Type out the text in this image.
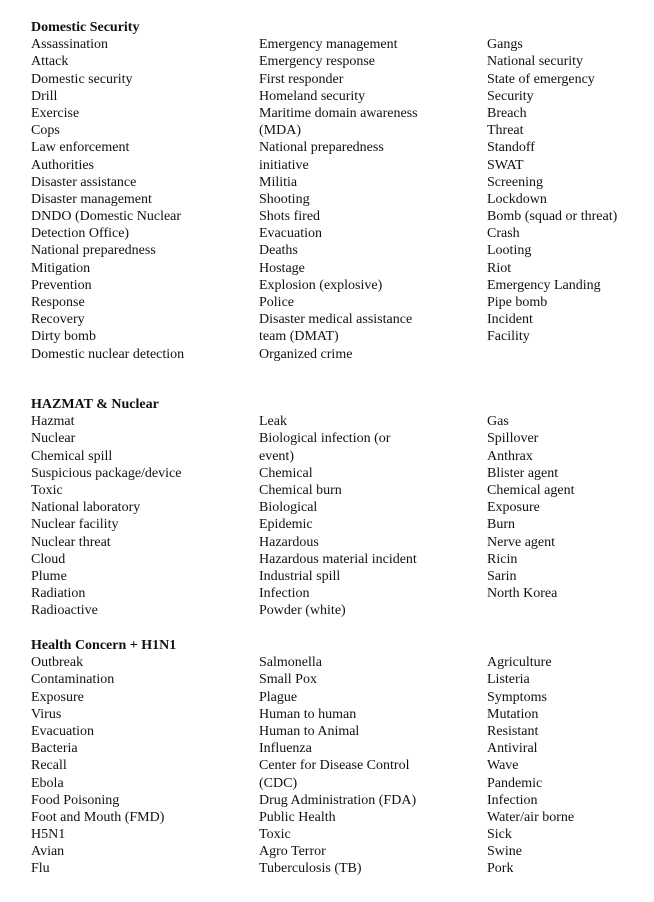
Domestic Security
Assassination
Attack
Domestic security
Drill
Exercise
Cops
Law enforcement
Authorities
Disaster assistance
Disaster management
DNDO (Domestic Nuclear
Detection Office)
National preparedness
Mitigation
Prevention
Response
Recovery
Dirty bomb
Domestic nuclear detection
Emergency management
Emergency response
First responder
Homeland security
Maritime domain awareness
(MDA)
National preparedness
initiative
Militia
Shooting
Shots fired
Evacuation
Deaths
Hostage
Explosion (explosive)
Police
Disaster medical assistance
team (DMAT)
Organized crime
Gangs
National security
State of emergency
Security
Breach
Threat
Standoff
SWAT
Screening
Lockdown
Bomb (squad or threat)
Crash
Looting
Riot
Emergency Landing
Pipe bomb
Incident
Facility
HAZMAT & Nuclear
Hazmat
Nuclear
Chemical spill
Suspicious package/device
Toxic
National laboratory
Nuclear facility
Nuclear threat
Cloud
Plume
Radiation
Radioactive
Leak
Biological infection (or
event)
Chemical
Chemical burn
Biological
Epidemic
Hazardous
Hazardous material incident
Industrial spill
Infection
Powder (white)
Gas
Spillover
Anthrax
Blister agent
Chemical agent
Exposure
Burn
Nerve agent
Ricin
Sarin
North Korea
Health Concern + H1N1
Outbreak
Contamination
Exposure
Virus
Evacuation
Bacteria
Recall
Ebola
Food Poisoning
Foot and Mouth (FMD)
H5N1
Avian
Flu
Salmonella
Small Pox
Plague
Human to human
Human to Animal
Influenza
Center for Disease Control
(CDC)
Drug Administration (FDA)
Public Health
Toxic
Agro Terror
Tuberculosis (TB)
Agriculture
Listeria
Symptoms
Mutation
Resistant
Antiviral
Wave
Pandemic
Infection
Water/air borne
Sick
Swine
Pork
